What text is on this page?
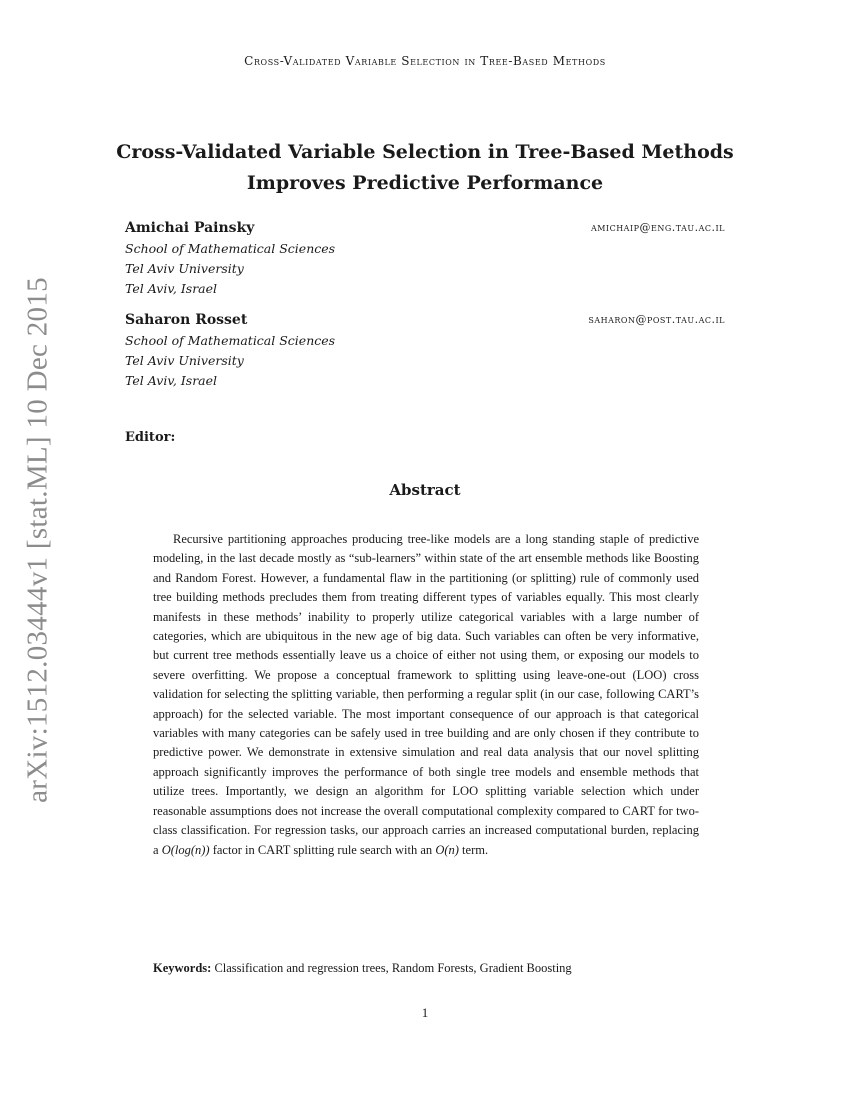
Cross-Validated Variable Selection in Tree-Based Methods
arXiv:1512.03444v1 [stat.ML] 10 Dec 2015
Cross-Validated Variable Selection in Tree-Based Methods
Improves Predictive Performance
Amichai Painsky	amichaip@eng.tau.ac.il
School of Mathematical Sciences
Tel Aviv University
Tel Aviv, Israel
Saharon Rosset	saharon@post.tau.ac.il
School of Mathematical Sciences
Tel Aviv University
Tel Aviv, Israel
Editor:
Abstract
Recursive partitioning approaches producing tree-like models are a long standing staple of predictive modeling, in the last decade mostly as “sub-learners” within state of the art ensemble methods like Boosting and Random Forest. However, a fundamental flaw in the partitioning (or splitting) rule of commonly used tree building methods precludes them from treating different types of variables equally. This most clearly manifests in these methods’ inability to properly utilize categorical variables with a large number of categories, which are ubiquitous in the new age of big data. Such variables can often be very informative, but current tree methods essentially leave us a choice of either not using them, or exposing our models to severe overfitting. We propose a conceptual framework to splitting using leave-one-out (LOO) cross validation for selecting the splitting variable, then performing a regular split (in our case, following CART’s approach) for the selected variable. The most important consequence of our approach is that categorical variables with many categories can be safely used in tree building and are only chosen if they contribute to predictive power. We demonstrate in extensive simulation and real data analysis that our novel splitting approach significantly improves the performance of both single tree models and ensemble methods that utilize trees. Importantly, we design an algorithm for LOO splitting variable selection which under reasonable assumptions does not increase the overall computational complexity compared to CART for two-class classification. For regression tasks, our approach carries an increased computational burden, replacing a O(log(n)) factor in CART splitting rule search with an O(n) term.
Keywords: Classification and regression trees, Random Forests, Gradient Boosting
1
